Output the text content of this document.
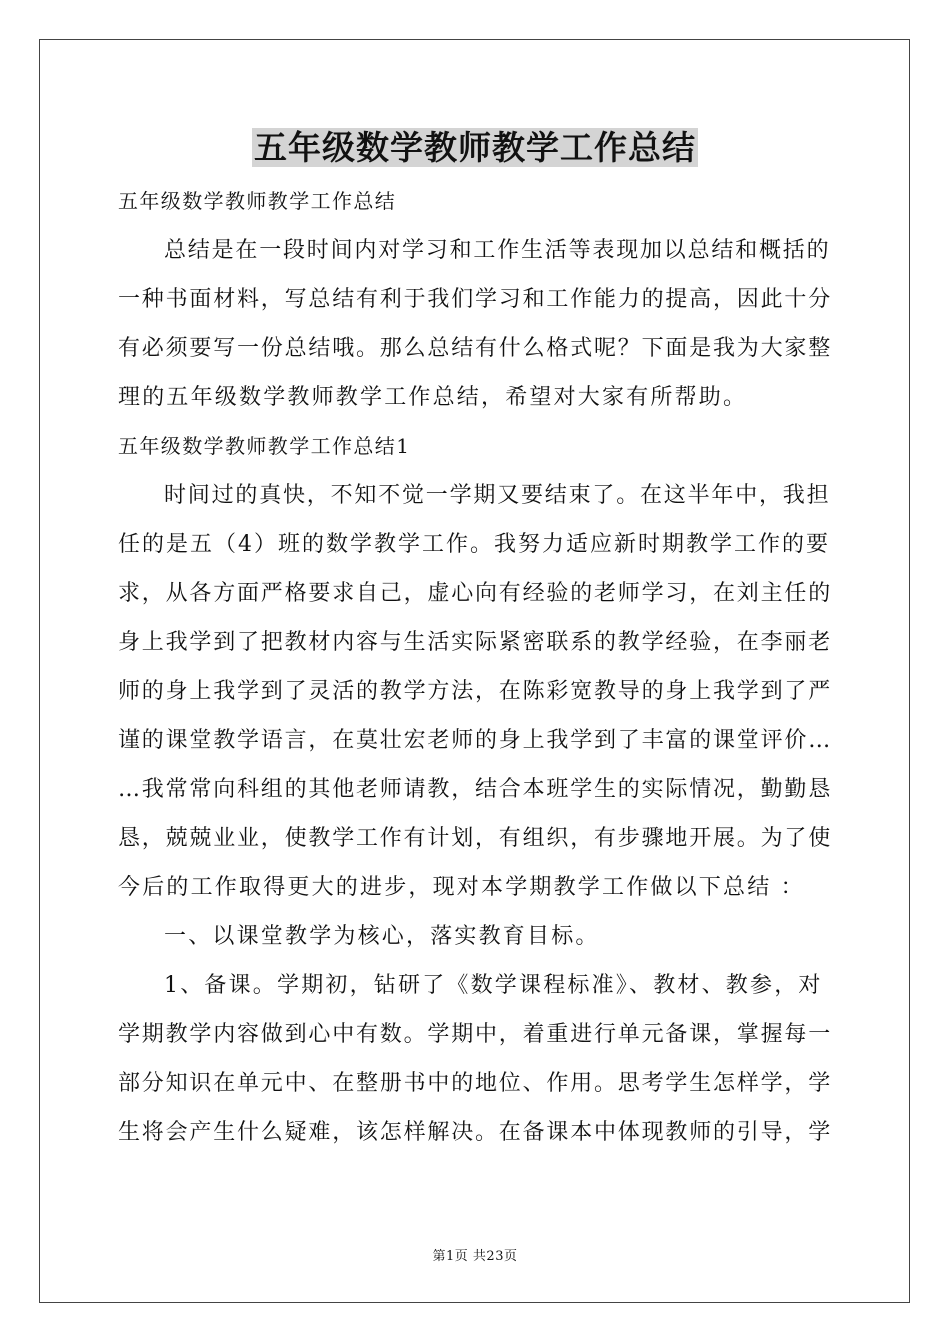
五年级数学教师教学工作总结
五年级数学教师教学工作总结
总结是在一段时间内对学习和工作生活等表现加以总结和概括的
一种书面材料，写总结有利于我们学习和工作能力的提高，因此十分
有必须要写一份总结哦。那么总结有什么格式呢？下面是我为大家整
理的五年级数学教师教学工作总结，希望对大家有所帮助。
五年级数学教师教学工作总结1
时间过的真快，不知不觉一学期又要结束了。在这半年中，我担
任的是五（4）班的数学教学工作。我努力适应新时期教学工作的要
求，从各方面严格要求自己，虚心向有经验的老师学习，在刘主任的
身上我学到了把教材内容与生活实际紧密联系的教学经验，在李丽老
师的身上我学到了灵活的教学方法，在陈彩宽教导的身上我学到了严
谨的课堂教学语言，在莫壮宏老师的身上我学到了丰富的课堂评价…
…我常常向科组的其他老师请教，结合本班学生的实际情况，勤勤恳
恳，兢兢业业，使教学工作有计划，有组织，有步骤地开展。为了使
今后的工作取得更大的进步，现对本学期教学工作做以下总结 ：
一、以课堂教学为核心，落实教育目标。
1、备课。学期初，钻研了《数学课程标准》、教材、教参，对
学期教学内容做到心中有数。学期中，着重进行单元备课，掌握每一
部分知识在单元中、在整册书中的地位、作用。思考学生怎样学，学
生将会产生什么疑难，该怎样解决。在备课本中体现教师的引导，学
第1页 共23页
